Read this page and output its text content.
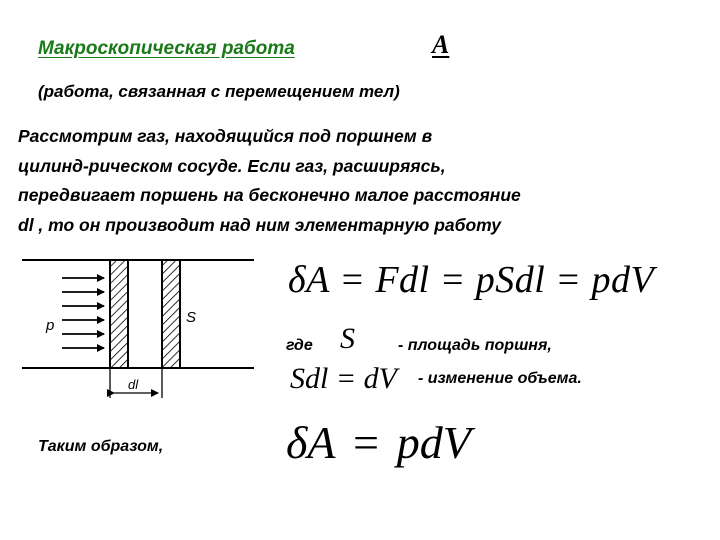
Макроскопическая работа	A
(работа, связанная с перемещением тел)
Рассмотрим газ, находящийся под поршнем в
цилинд-рическом сосуде. Если газ, расширяясь,
передвигает поршень на бесконечно малое расстояние
dl , то он производит над ним элементарную работу
p	S
dl
δA = Fdl = pSdl = pdV
где S	- площадь поршня,
Sdl = dV - изменение объема.
Таким образом,	δA = pdV
